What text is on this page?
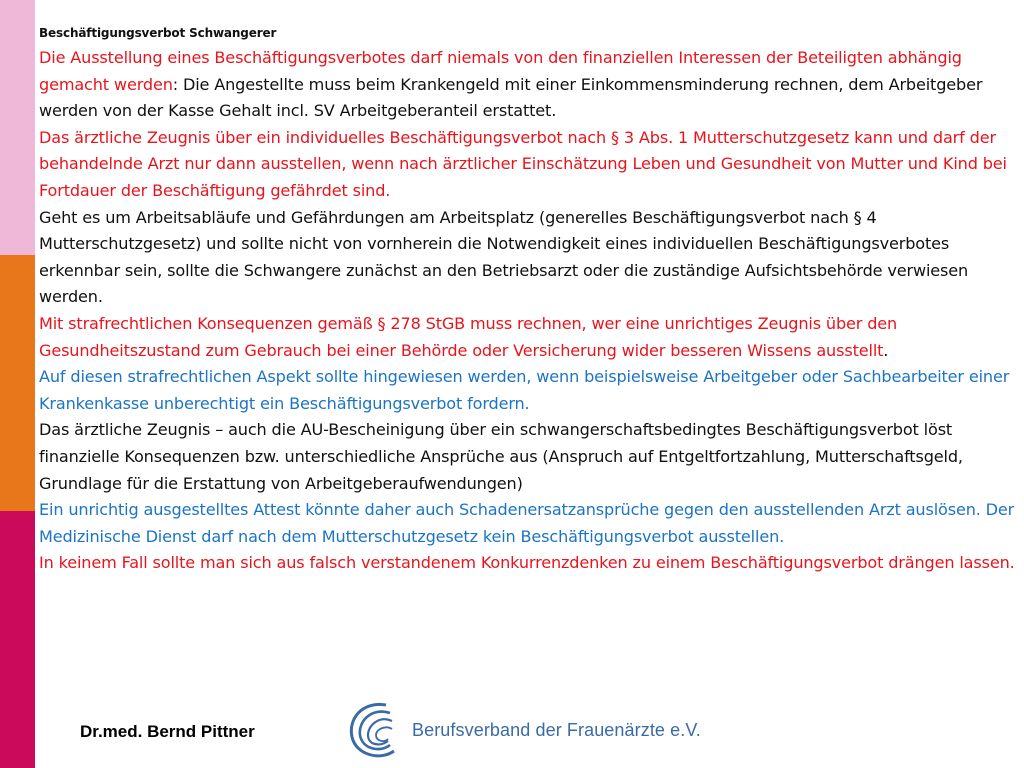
Beschäftigungsverbot Schwangerer

Die Ausstellung eines Beschäftigungsverbotes darf niemals von den finanziellen Interessen der Beteiligten abhängig gemacht werden: Die Angestellte muss beim Krankengeld mit einer Einkommensminderung rechnen, dem Arbeitgeber werden von der Kasse Gehalt incl. SV Arbeitgeberanteil erstattet.

Das ärztliche Zeugnis über ein individuelles Beschäftigungsverbot nach § 3 Abs. 1 Mutterschutzgesetz kann und darf der behandelnde Arzt nur dann ausstellen, wenn nach ärztlicher Einschätzung Leben und Gesundheit von Mutter und Kind bei Fortdauer der Beschäftigung gefährdet sind.

Geht es um Arbeitsabläufe und Gefährdungen am Arbeitsplatz (generelles Beschäftigungsverbot nach § 4 Mutterschutzgesetz) und sollte nicht von vornherein die Notwendigkeit eines individuellen Beschäftigungsverbotes erkennbar sein, sollte die Schwangere zunächst an den Betriebsarzt oder die zuständige Aufsichtsbehörde verwiesen werden.

Mit strafrechtlichen Konsequenzen gemäß § 278 StGB muss rechnen, wer eine unrichtiges Zeugnis über den Gesundheitszustand zum Gebrauch bei einer Behörde oder Versicherung wider besseren Wissens ausstellt.

Auf diesen strafrechtlichen Aspekt sollte hingewiesen werden, wenn beispielsweise Arbeitgeber oder Sachbearbeiter einer Krankenkasse unberechtigt ein Beschäftigungsverbot fordern.

Das ärztliche Zeugnis – auch die AU-Bescheinigung über ein schwangerschaftsbedingtes Beschäftigungsverbot löst finanzielle Konsequenzen bzw. unterschiedliche Ansprüche aus (Anspruch auf Entgeltfortzahlung, Mutterschaftsgeld, Grundlage für die Erstattung von Arbeitgeberaufwendungen)

Ein unrichtig ausgestelltes Attest könnte daher auch Schadenersatzansprüche gegen den ausstellenden Arzt auslösen. Der Medizinische Dienst darf nach dem Mutterschutzgesetz kein Beschäftigungsverbot ausstellen.

In keinem Fall sollte man sich aus falsch verstandenem Konkurrenzdenken zu einem Beschäftigungsverbot drängen lassen.

Dr.med. Bernd Pittner	Berufsverband der Frauenärzte e.V.
